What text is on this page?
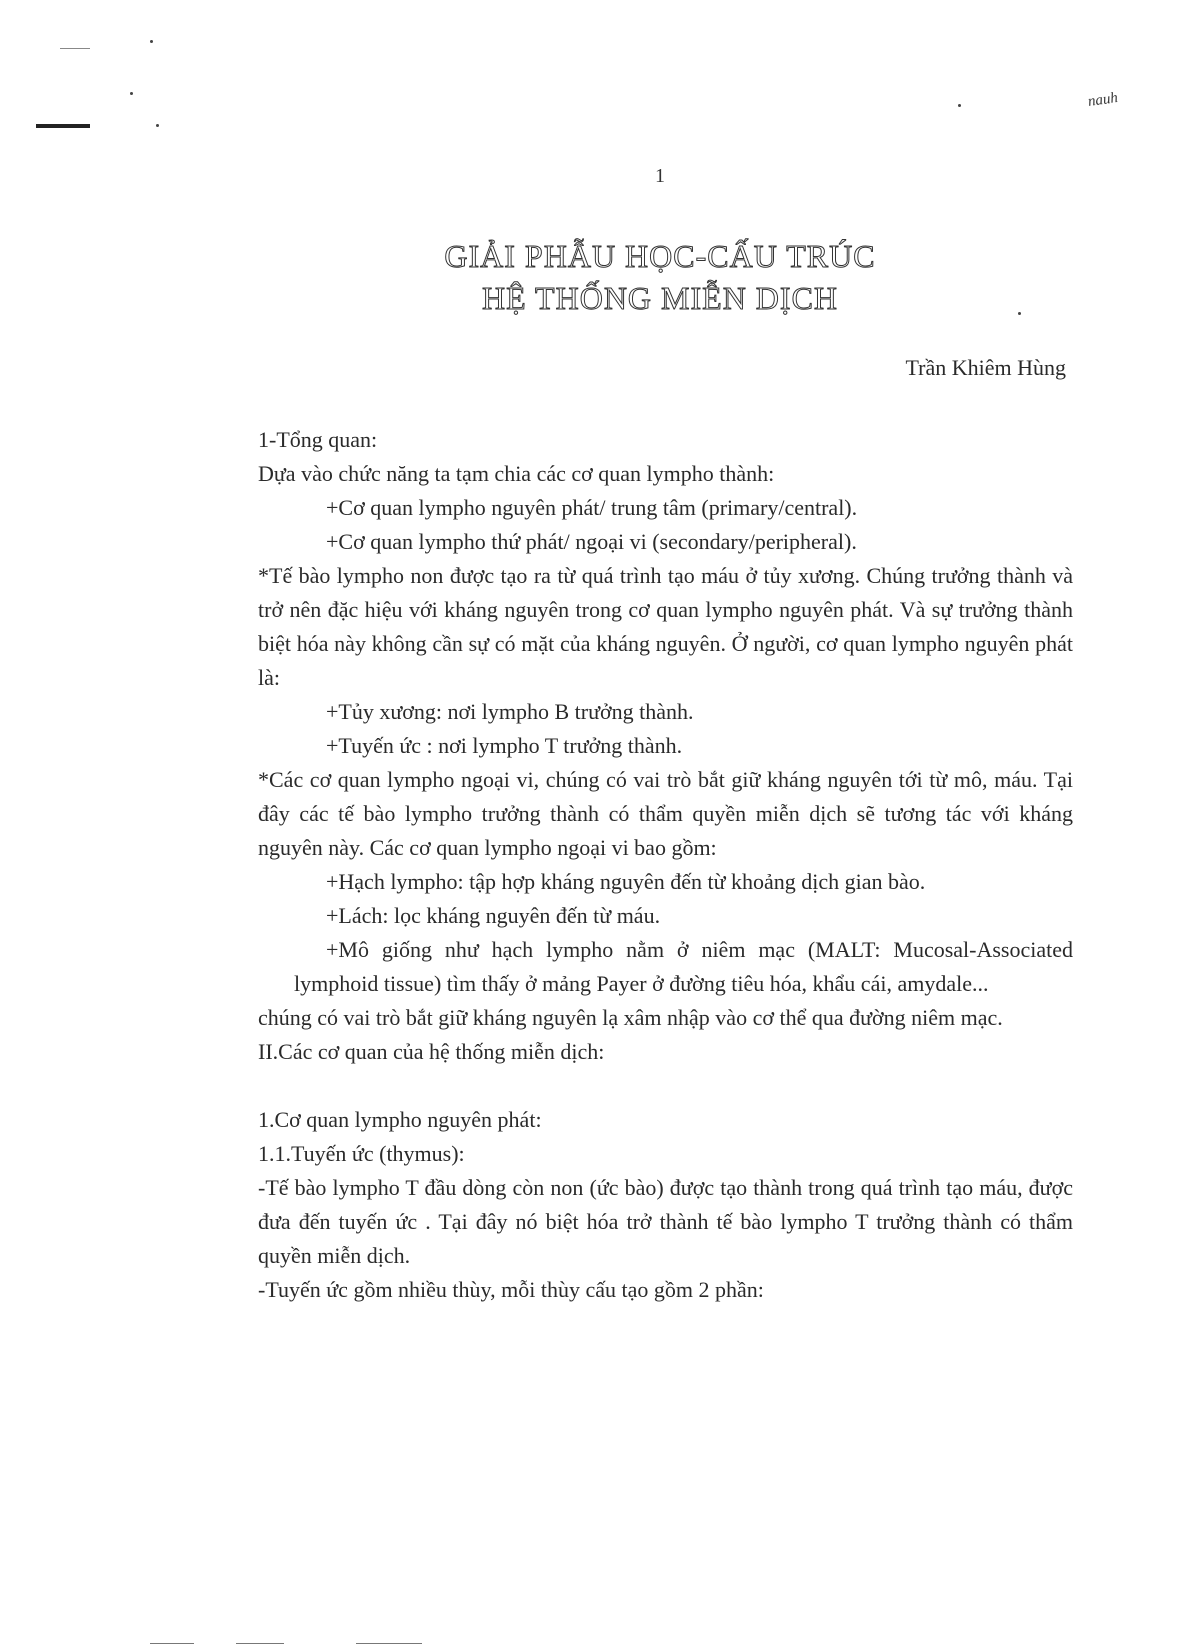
nauh
1
GIẢI PHẪU HỌC-CẤU TRÚC
HỆ THỐNG MIỄN DỊCH
Trần Khiêm Hùng

1-Tổng quan:

Dựa vào chức năng ta tạm chia các cơ quan lympho thành:

+Cơ quan lympho nguyên phát/ trung tâm (primary/central).

+Cơ quan lympho thứ phát/ ngoại vi (secondary/peripheral).

*Tế bào lympho non được tạo ra từ quá trình tạo máu ở tủy xương. Chúng trưởng thành và trở nên đặc hiệu với kháng nguyên trong cơ quan lympho nguyên phát. Và sự trưởng thành biệt hóa này không cần sự có mặt của kháng nguyên. Ở người, cơ quan lympho nguyên phát là:

+Tủy xương: nơi lympho B trưởng thành.

+Tuyến ức : nơi lympho T trưởng thành.

*Các cơ quan lympho ngoại vi, chúng có vai trò bắt giữ kháng nguyên tới từ mô, máu. Tại đây các tế bào lympho trưởng thành có thẩm quyền miễn dịch sẽ tương tác với kháng nguyên này. Các cơ quan lympho ngoại vi bao gồm:

+Hạch lympho: tập hợp kháng nguyên đến từ khoảng dịch gian bào.

+Lách: lọc kháng nguyên đến từ máu.

+Mô giống như hạch lympho nằm ở niêm mạc (MALT: Mucosal-Associated lymphoid tissue) tìm thấy ở mảng Payer ở đường tiêu hóa, khẩu cái, amydale...

chúng có vai trò bắt giữ kháng nguyên lạ xâm nhập vào cơ thể qua đường niêm mạc.

II.Các cơ quan của hệ thống miễn dịch:

1.Cơ quan lympho nguyên phát:

1.1.Tuyến ức (thymus):

-Tế bào lympho T đầu dòng còn non (ức bào) được tạo thành trong quá trình tạo máu, được đưa đến tuyến ức . Tại đây nó biệt hóa trở thành tế bào lympho T trưởng thành có thẩm quyền miễn dịch.

-Tuyến ức gồm nhiều thùy, mỗi thùy cấu tạo gồm 2 phần:
